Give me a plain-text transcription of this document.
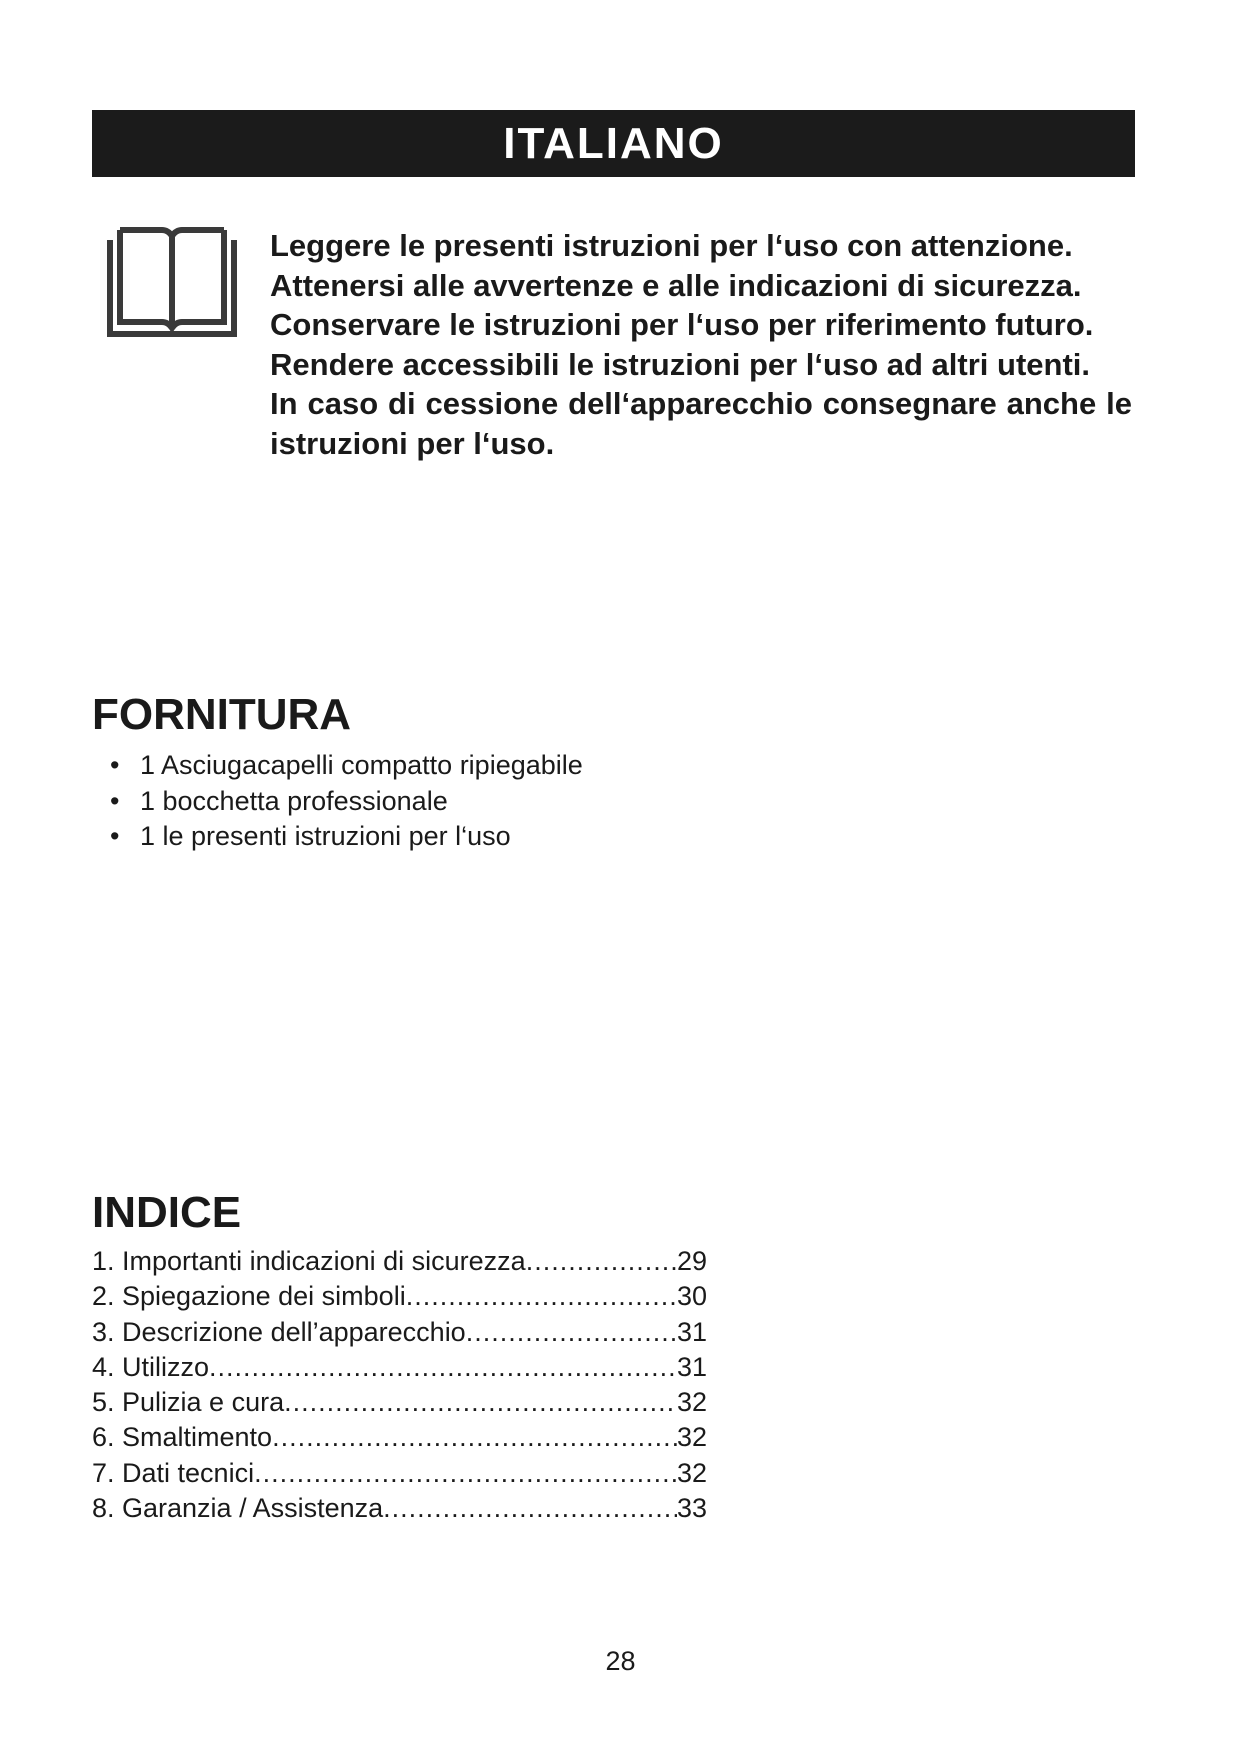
ITALIANO

Leggere le presenti istruzioni per l‘uso con attenzione.

Attenersi alle avvertenze e alle indicazioni di sicurezza.

Conservare le istruzioni per l‘uso per riferimento futuro.

Rendere accessibili le istruzioni per l‘uso ad altri utenti.

In caso di cessione dell‘apparecchio consegnare anche le istruzioni per l‘uso.

FORNITURA
• 1 Asciugacapelli compatto ripiegabile
• 1 bocchetta professionale
• 1 le presenti istruzioni per l‘uso
INDICE
1. Importanti indicazioni di sicurezza .....	29
2. Spiegazione dei simboli .....	30
3. Descrizione dell’apparecchio .....	31
4. Utilizzo .....	31
5. Pulizia e cura .....	32
6. Smaltimento .....	32
7. Dati tecnici .....	32
8. Garanzia / Assistenza .....	33
28
